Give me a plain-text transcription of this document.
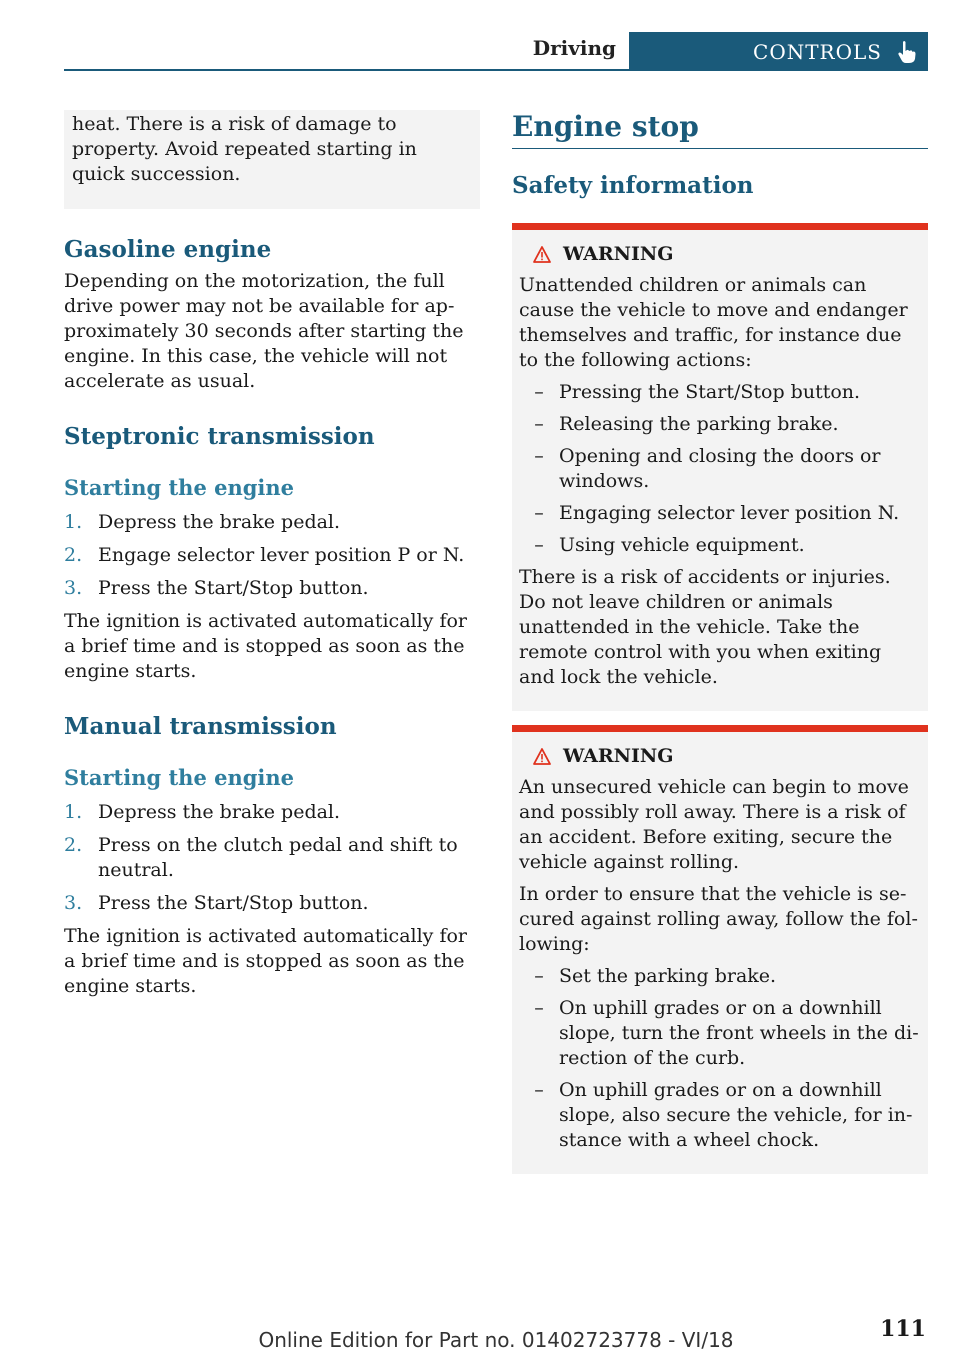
Driving	CONTROLS

heat. There is a risk of damage to property. Avoid repeated starting in quick succession.

Gasoline engine

Depending on the motorization, the full drive power may not be available for approximately 30 seconds after starting the engine. In this case, the vehicle will not accelerate as usual.

Steptronic transmission
Starting the engine
1. Depress the brake pedal.
2. Engage selector lever position P or N.
3. Press the Start/Stop button.

The ignition is activated automatically for a brief time and is stopped as soon as the engine starts.

Manual transmission
Starting the engine
1. Depress the brake pedal.
2. Press on the clutch pedal and shift to neutral.
3. Press the Start/Stop button.

The ignition is activated automatically for a brief time and is stopped as soon as the engine starts.

Engine stop
Safety information
WARNING

Unattended children or animals can cause the vehicle to move and endanger themselves and traffic, for instance due to the following actions:

– Pressing the Start/Stop button.
– Releasing the parking brake.
– Opening and closing the doors or windows.
– Engaging selector lever position N.
– Using vehicle equipment.

There is a risk of accidents or injuries. Do not leave children or animals unattended in the vehicle. Take the remote control with you when exiting and lock the vehicle.

WARNING

An unsecured vehicle can begin to move and possibly roll away. There is a risk of an accident. Before exiting, secure the vehicle against rolling.

In order to ensure that the vehicle is secured against rolling away, follow the following:

– Set the parking brake.
– On uphill grades or on a downhill slope, turn the front wheels in the direction of the curb.
– On uphill grades or on a downhill slope, also secure the vehicle, for instance with a wheel chock.
111
Online Edition for Part no. 01402723778 - VI/18
